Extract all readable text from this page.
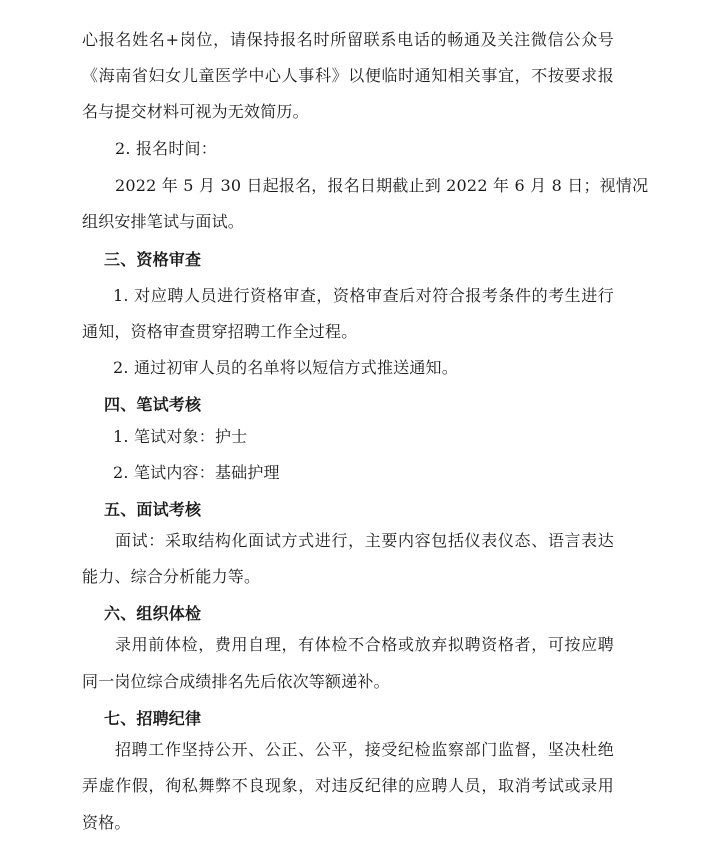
心报名姓名+岗位，请保持报名时所留联系电话的畅通及关注微信公众号
《海南省妇女儿童医学中心人事科》以便临时通知相关事宜，不按要求报
名与提交材料可视为无效简历。
2. 报名时间：
2022 年 5 月 30 日起报名，报名日期截止到 2022 年 6 月 8 日；视情况
组织安排笔试与面试。
三、资格审查
1. 对应聘人员进行资格审查，资格审查后对符合报考条件的考生进行
通知，资格审查贯穿招聘工作全过程。
2. 通过初审人员的名单将以短信方式推送通知。
四、笔试考核
1. 笔试对象：护士
2. 笔试内容：基础护理
五、面试考核
面试：采取结构化面试方式进行，主要内容包括仪表仪态、语言表达
能力、综合分析能力等。
六、组织体检
录用前体检，费用自理，有体检不合格或放弃拟聘资格者，可按应聘
同一岗位综合成绩排名先后依次等额递补。
七、招聘纪律
招聘工作坚持公开、公正、公平，接受纪检监察部门监督，坚决杜绝
弄虚作假，徇私舞弊不良现象，对违反纪律的应聘人员，取消考试或录用
资格。
